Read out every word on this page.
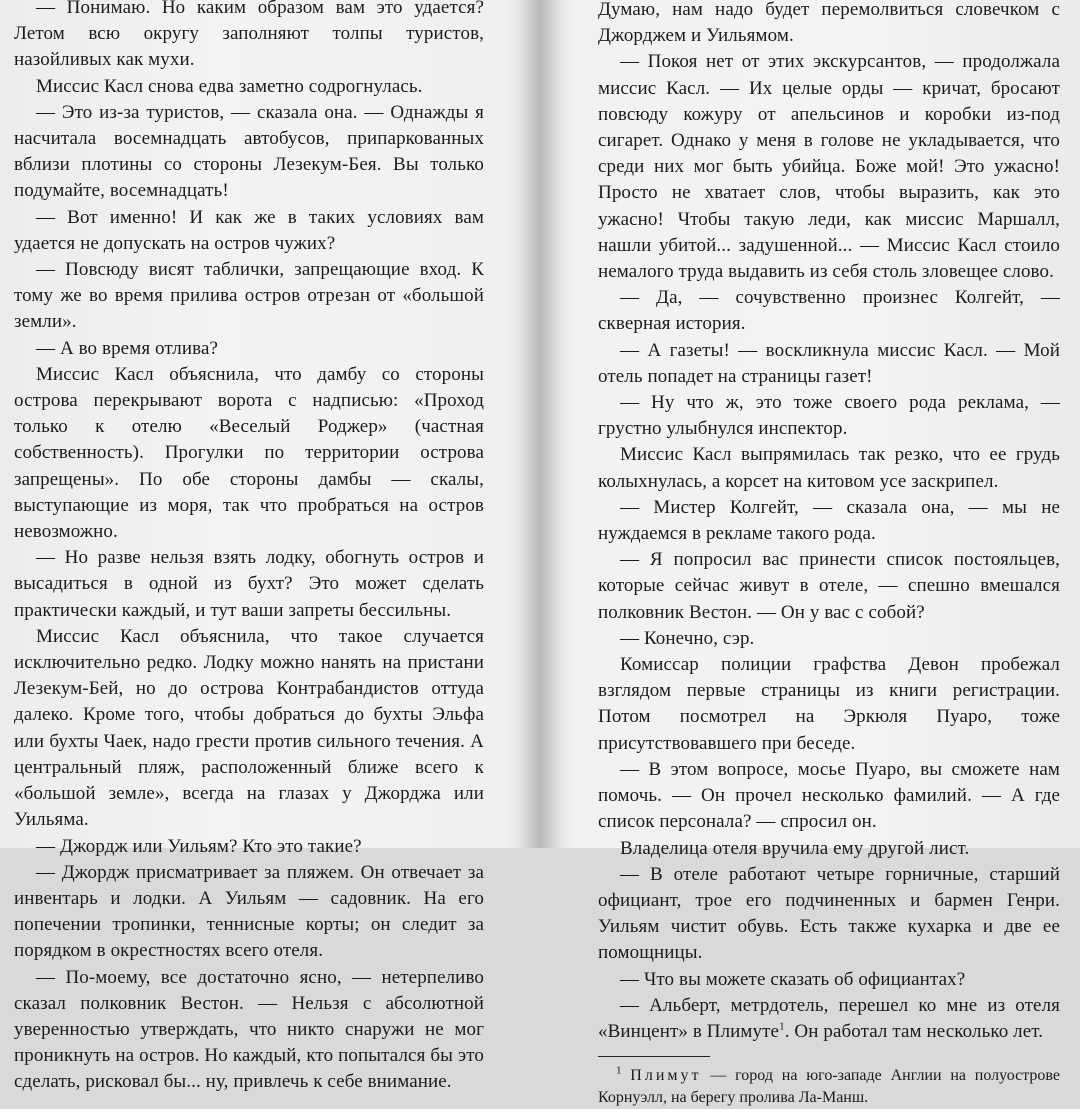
— Понимаю. Но каким образом вам это удается? Летом всю округу заполняют толпы туристов, назойливых как мухи.

Миссис Касл снова едва заметно содрогнулась.

— Это из-за туристов, — сказала она. — Однажды я насчитала восемнадцать автобусов, припаркованных вблизи плотины со стороны Лезекум-Бея. Вы только подумайте, восемнадцать!

— Вот именно! И как же в таких условиях вам удается не допускать на остров чужих?

— Повсюду висят таблички, запрещающие вход. К тому же во время прилива остров отрезан от «большой земли».

— А во время отлива?

Миссис Касл объяснила, что дамбу со стороны острова перекрывают ворота с надписью: «Проход только к отелю «Веселый Роджер» (частная собственность). Прогулки по территории острова запрещены». По обе стороны дамбы — скалы, выступающие из моря, так что пробраться на остров невозможно.

— Но разве нельзя взять лодку, обогнуть остров и высадиться в одной из бухт? Это может сделать практически каждый, и тут ваши запреты бессильны.

Миссис Касл объяснила, что такое случается исключительно редко. Лодку можно нанять на пристани Лезекум-Бей, но до острова Контрабандистов оттуда далеко. Кроме того, чтобы добраться до бухты Эльфа или бухты Чаек, надо грести против сильного течения. А центральный пляж, расположенный ближе всего к «большой земле», всегда на глазах у Джорджа или Уильяма.

— Джордж или Уильям? Кто это такие?

— Джордж присматривает за пляжем. Он отвечает за инвентарь и лодки. А Уильям — садовник. На его попечении тропинки, теннисные корты; он следит за порядком в окрестностях всего отеля.

— По-моему, все достаточно ясно, — нетерпеливо сказал полковник Вестон. — Нельзя с абсолютной уверенностью утверждать, что никто снаружи не мог проникнуть на остров. Но каждый, кто попытался бы это сделать, рисковал бы... ну, привлечь к себе внимание.

Думаю, нам надо будет перемолвиться словечком с Джорджем и Уильямом.

— Покоя нет от этих экскурсантов, — продолжала миссис Касл. — Их целые орды — кричат, бросают повсюду кожуру от апельсинов и коробки из-под сигарет. Однако у меня в голове не укладывается, что среди них мог быть убийца. Боже мой! Это ужасно! Просто не хватает слов, чтобы выразить, как это ужасно! Чтобы такую леди, как миссис Маршалл, нашли убитой... задушенной... — Миссис Касл стоило немалого труда выдавить из себя столь зловещее слово.

— Да, — сочувственно произнес Колгейт, — скверная история.

— А газеты! — воскликнула миссис Касл. — Мой отель попадет на страницы газет!

— Ну что ж, это тоже своего рода реклама, — грустно улыбнулся инспектор.

Миссис Касл выпрямилась так резко, что ее грудь колыхнулась, а корсет на китовом усе заскрипел.

— Мистер Колгейт, — сказала она, — мы не нуждаемся в рекламе такого рода.

— Я попросил вас принести список постояльцев, которые сейчас живут в отеле, — спешно вмешался полковник Вестон. — Он у вас с собой?

— Конечно, сэр.

Комиссар полиции графства Девон пробежал взглядом первые страницы из книги регистрации. Потом посмотрел на Эркюля Пуаро, тоже присутствовавшего при беседе.

— В этом вопросе, мосье Пуаро, вы сможете нам помочь. — Он прочел несколько фамилий. — А где список персонала? — спросил он.

Владелица отеля вручила ему другой лист.

— В отеле работают четыре горничные, старший официант, трое его подчиненных и бармен Генри. Уильям чистит обувь. Есть также кухарка и две ее помощницы.

— Что вы можете сказать об официантах?

— Альберт, метрдотель, перешел ко мне из отеля «Винцент» в Плимуте$^1$. Он работал там несколько лет.

$^1$ Плимут — город на юго-западе Англии на полуострове Корнуэлл, на берегу пролива Ла-Манш.
